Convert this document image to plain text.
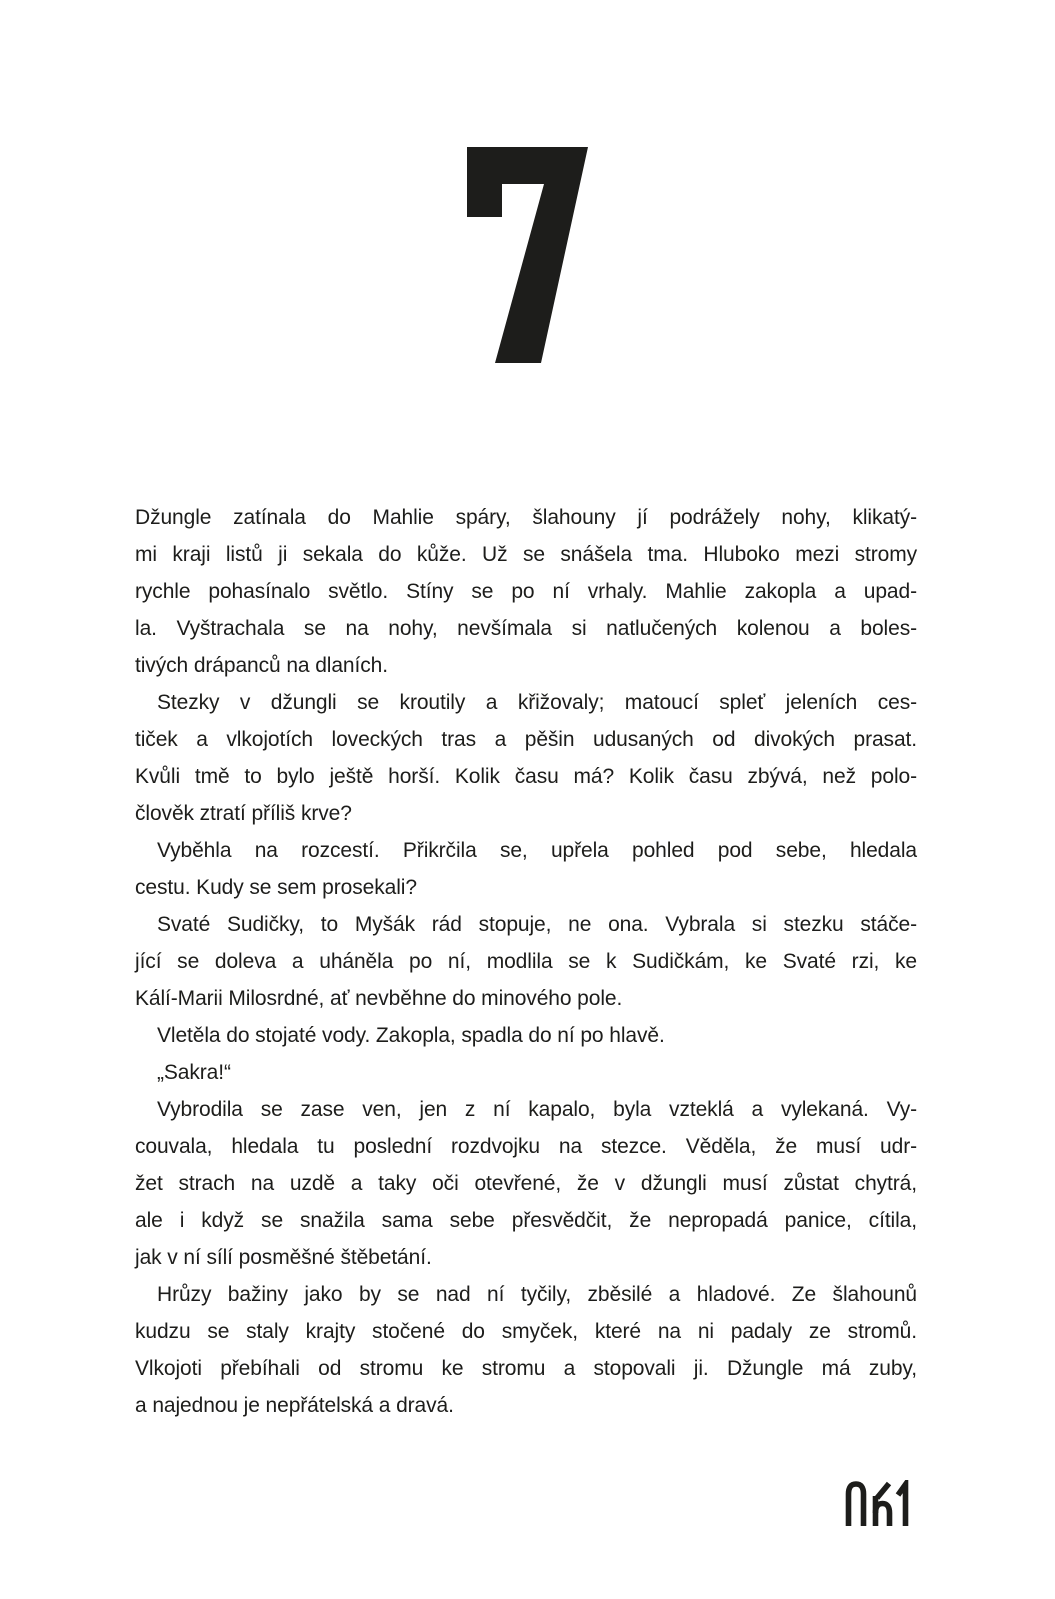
Džungle zatínala do Mahlie spáry, šlahouny jí podrážely nohy, klikatý-
mi kraji listů ji sekala do kůže. Už se snášela tma. Hluboko mezi stromy
rychle pohasínalo světlo. Stíny se po ní vrhaly. Mahlie zakopla a upad-
la. Vyštrachala se na nohy, nevšímala si natlučených kolenou a boles-
tivých drápanců na dlaních.
Stezky v džungli se kroutily a křižovaly; matoucí spleť jeleních ces-
tiček a vlkojotích loveckých tras a pěšin udusaných od divokých prasat.
Kvůli tmě to bylo ještě horší. Kolik času má? Kolik času zbývá, než polo-
člověk ztratí příliš krve?
Vyběhla na rozcestí. Přikrčila se, upřela pohled pod sebe, hledala
cestu. Kudy se sem prosekali?
Svaté Sudičky, to Myšák rád stopuje, ne ona. Vybrala si stezku stáče-
jící se doleva a uháněla po ní, modlila se k Sudičkám, ke Svaté rzi, ke
Kálí-Marii Milosrdné, ať nevběhne do minového pole.
Vletěla do stojaté vody. Zakopla, spadla do ní po hlavě.
„Sakra!“
Vybrodila se zase ven, jen z ní kapalo, byla vzteklá a vylekaná. Vy-
couvala, hledala tu poslední rozdvojku na stezce. Věděla, že musí udr-
žet strach na uzdě a taky oči otevřené, že v džungli musí zůstat chytrá,
ale i když se snažila sama sebe přesvědčit, že nepropadá panice, cítila,
jak v ní sílí posměšné štěbetání.
Hrůzy bažiny jako by se nad ní tyčily, zběsilé a hladové. Ze šlahounů
kudzu se staly krajty stočené do smyček, které na ni padaly ze stromů.
Vlkojoti přebíhali od stromu ke stromu a stopovali ji. Džungle má zuby,
a najednou je nepřátelská a dravá.
